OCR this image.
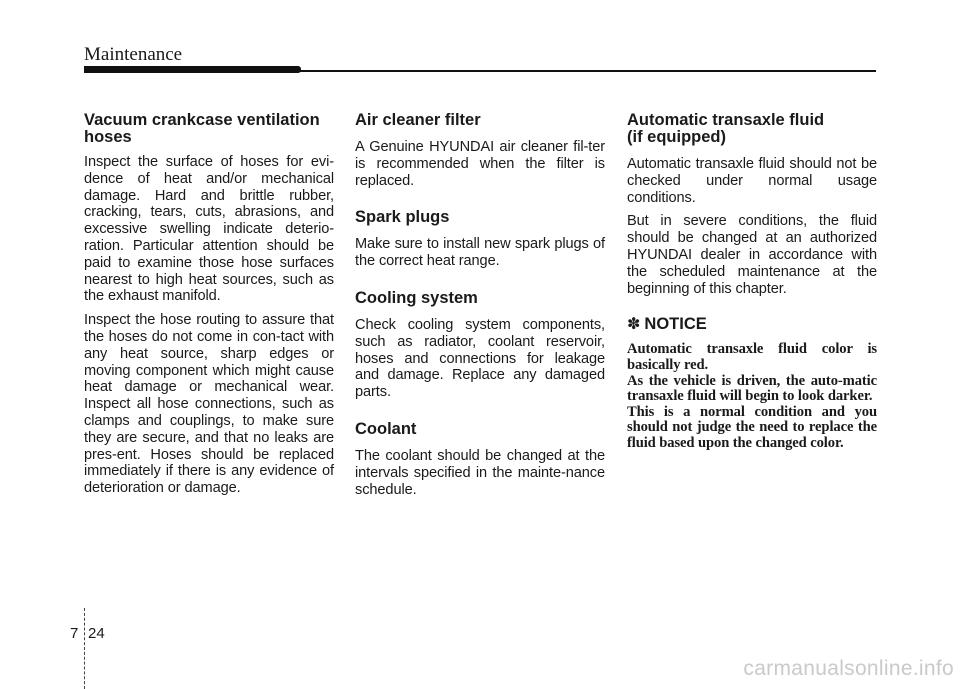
Maintenance
Vacuum crankcase ventilation hoses

Inspect the surface of hoses for evi-dence of heat and/or mechanical damage. Hard and brittle rubber, cracking, tears, cuts, abrasions, and excessive swelling indicate deterio-ration. Particular attention should be paid to examine those hose surfaces nearest to high heat sources, such as the exhaust manifold.

Inspect the hose routing to assure that the hoses do not come in con-tact with any heat source, sharp edges or moving component which might cause heat damage or mechanical wear. Inspect all hose connections, such as clamps and couplings, to make sure they are secure, and that no leaks are pres-ent. Hoses should be replaced immediately if there is any evidence of deterioration or damage.

Air cleaner filter

A Genuine HYUNDAI air cleaner fil-ter is recommended when the filter is replaced.

Spark plugs

Make sure to install new spark plugs of the correct heat range.

Cooling system

Check cooling system components, such as radiator, coolant reservoir, hoses and connections for leakage and damage. Replace any damaged parts.

Coolant

The coolant should be changed at the intervals specified in the mainte-nance schedule.

Automatic transaxle fluid
(if equipped)

Automatic transaxle fluid should not be checked under normal usage conditions.

But in severe conditions, the fluid should be changed at an authorized HYUNDAI dealer in accordance with the scheduled maintenance at the beginning of this chapter.

✽ NOTICE

Automatic transaxle fluid color is basically red.

As the vehicle is driven, the auto-matic transaxle fluid will begin to look darker.

This is a normal condition and you should not judge the need to replace the fluid based upon the changed color.

7 24
carmanualsonline.info
